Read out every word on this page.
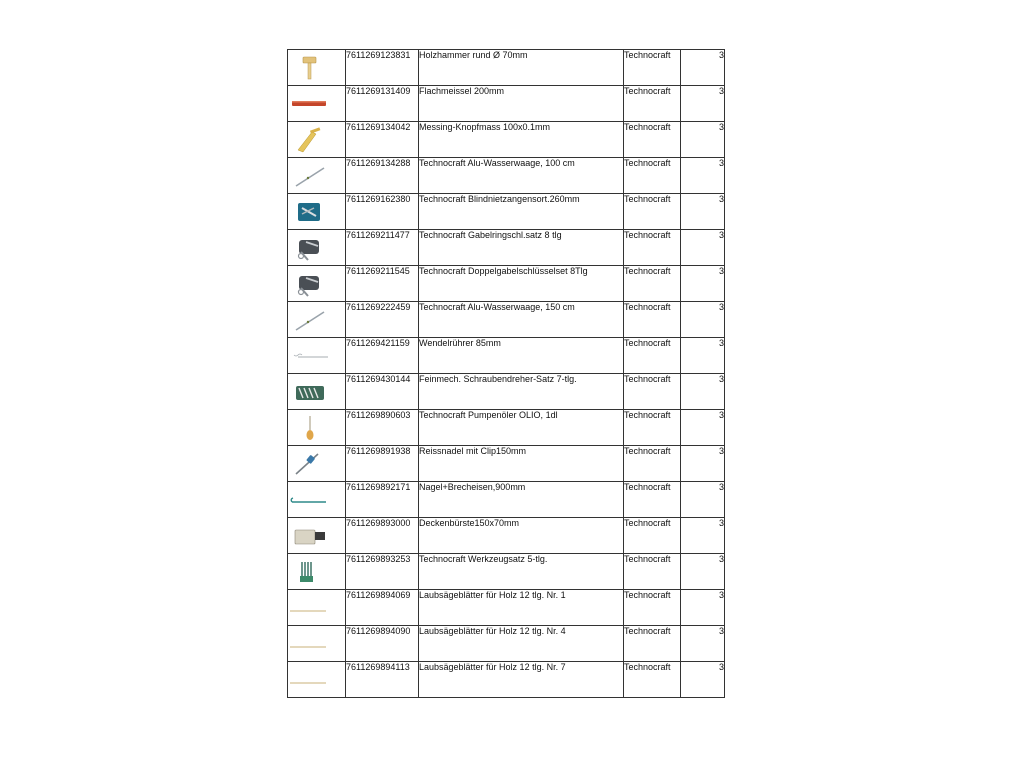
	7611269123831	Holzhammer rund Ø 70mm	Technocraft	3

	7611269131409	Flachmeissel 200mm	Technocraft	3

	7611269134042	Messing-Knopfmass 100x0.1mm	Technocraft	3

	7611269134288	Technocraft Alu-Wasserwaage, 100 cm	Technocraft	3

	7611269162380	Technocraft Blindnietzangensort.260mm	Technocraft	3

	7611269211477	Technocraft Gabelringschl.satz 8 tlg	Technocraft	3

	7611269211545	Technocraft Doppelgabelschlüsselset 8Tlg	Technocraft	3

	7611269222459	Technocraft Alu-Wasserwaage, 150 cm	Technocraft	3

	7611269421159	Wendelrührer 85mm	Technocraft	3

	7611269430144	Feinmech. Schraubendreher-Satz 7-tlg.	Technocraft	3

	7611269890603	Technocraft Pumpenöler OLIO, 1dl	Technocraft	3

	7611269891938	Reissnadel mit Clip150mm	Technocraft	3

	7611269892171	Nagel+Brecheisen,900mm	Technocraft	3

	7611269893000	Deckenbürste150x70mm	Technocraft	3

	7611269893253	Technocraft Werkzeugsatz 5-tlg.	Technocraft	3

	7611269894069	Laubsägeblätter für Holz 12 tlg. Nr. 1	Technocraft	3

	7611269894090	Laubsägeblätter für Holz 12 tlg. Nr. 4	Technocraft	3

	7611269894113	Laubsägeblätter für Holz 12 tlg. Nr. 7	Technocraft	3
